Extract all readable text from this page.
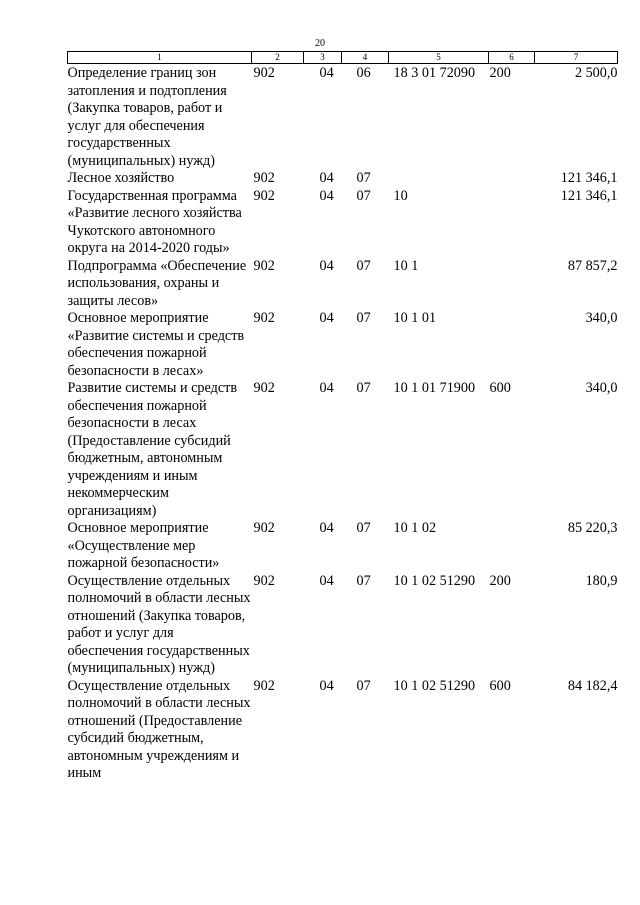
20
1	2	3	4	5	6	7
Определение границ зон затопления и подтопления (Закупка товаров, работ и услуг для обеспечения государственных (муниципальных) нужд)	902	04	06	18 3 01 72090	200	2 500,0
Лесное хозяйство	902	04	07			121 346,1
Государственная программа «Развитие лесного хозяйства Чукотского автономного округа на 2014-2020 годы»	902	04	07	10		121 346,1
Подпрограмма «Обеспечение использования, охраны и защиты лесов»	902	04	07	10 1		87 857,2
Основное мероприятие «Развитие системы и средств обеспечения пожарной безопасности в лесах»	902	04	07	10 1 01		340,0
Развитие системы и средств обеспечения пожарной безопасности в лесах (Предоставление субсидий бюджетным, автономным учреждениям и иным некоммерческим организациям)	902	04	07	10 1 01 71900	600	340,0
Основное мероприятие «Осуществление мер пожарной безопасности»	902	04	07	10 1 02		85 220,3
Осуществление отдельных полномочий в области лесных отношений (Закупка товаров, работ и услуг для обеспечения государственных (муниципальных) нужд)	902	04	07	10 1 02 51290	200	180,9
Осуществление отдельных полномочий в области лесных отношений (Предоставление субсидий бюджетным, автономным учреждениям и иным	902	04	07	10 1 02 51290	600	84 182,4
